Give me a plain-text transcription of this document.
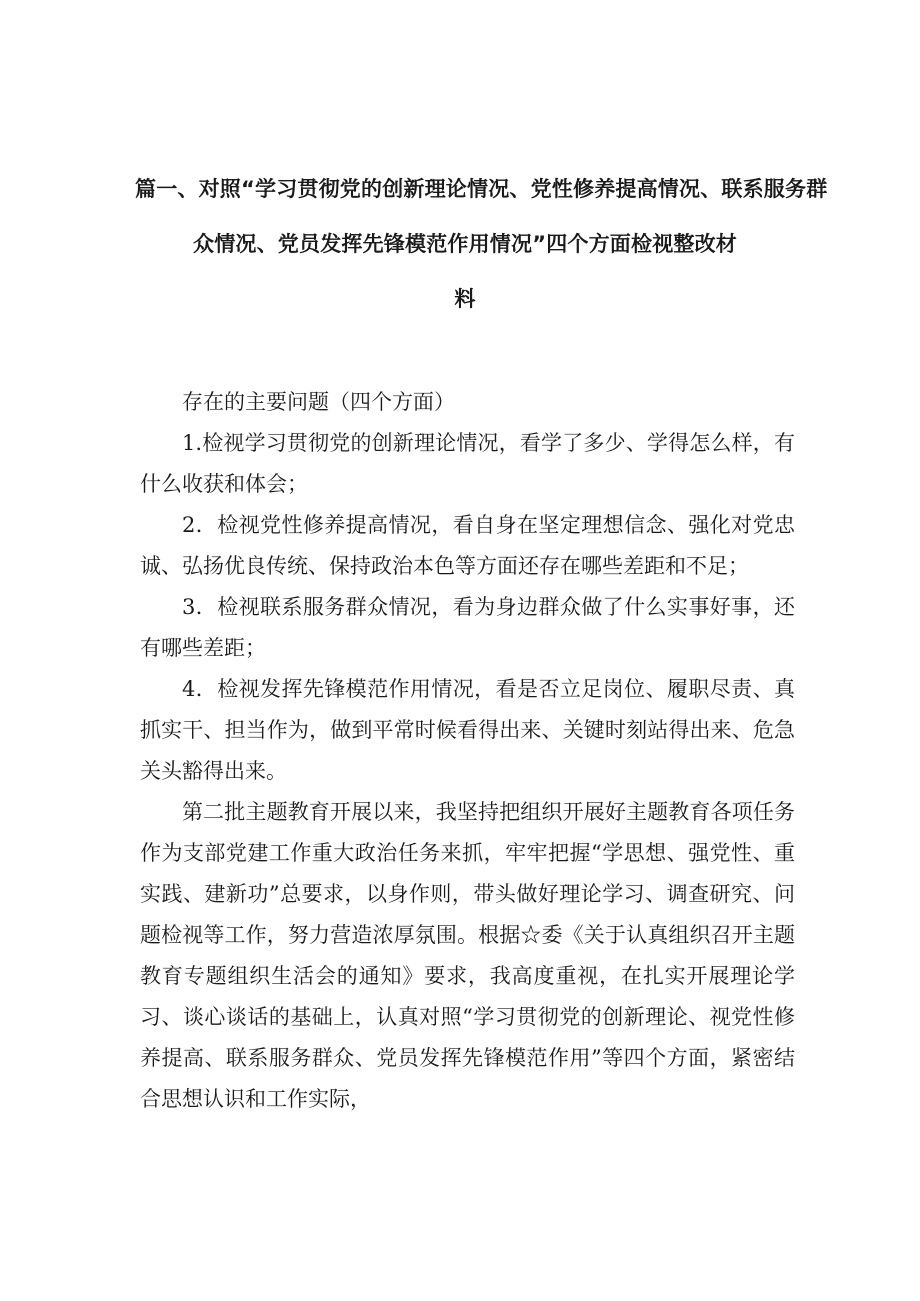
篇一、对照“学习贯彻党的创新理论情况、党性修养提高情况、联系服务群
众情况、党员发挥先锋模范作用情况”四个方面检视整改材
料

存在的主要问题（四个方面）

1.检视学习贯彻党的创新理论情况，看学了多少、学得怎么样，有什么收获和体会；

2．检视党性修养提高情况，看自身在坚定理想信念、强化对党忠诚、弘扬优良传统、保持政治本色等方面还存在哪些差距和不足；

3．检视联系服务群众情况，看为身边群众做了什么实事好事，还有哪些差距；

4．检视发挥先锋模范作用情况，看是否立足岗位、履职尽责、真抓实干、担当作为，做到平常时候看得出来、关键时刻站得出来、危急关头豁得出来。

第二批主题教育开展以来，我坚持把组织开展好主题教育各项任务作为支部党建工作重大政治任务来抓，牢牢把握“学思想、强党性、重实践、建新功”总要求，以身作则，带头做好理论学习、调查研究、问题检视等工作，努力营造浓厚氛围。根据☆委《关于认真组织召开主题教育专题组织生活会的通知》要求，我高度重视，在扎实开展理论学习、谈心谈话的基础上，认真对照“学习贯彻党的创新理论、视党性修养提高、联系服务群众、党员发挥先锋模范作用”等四个方面，紧密结合思想认识和工作实际，
